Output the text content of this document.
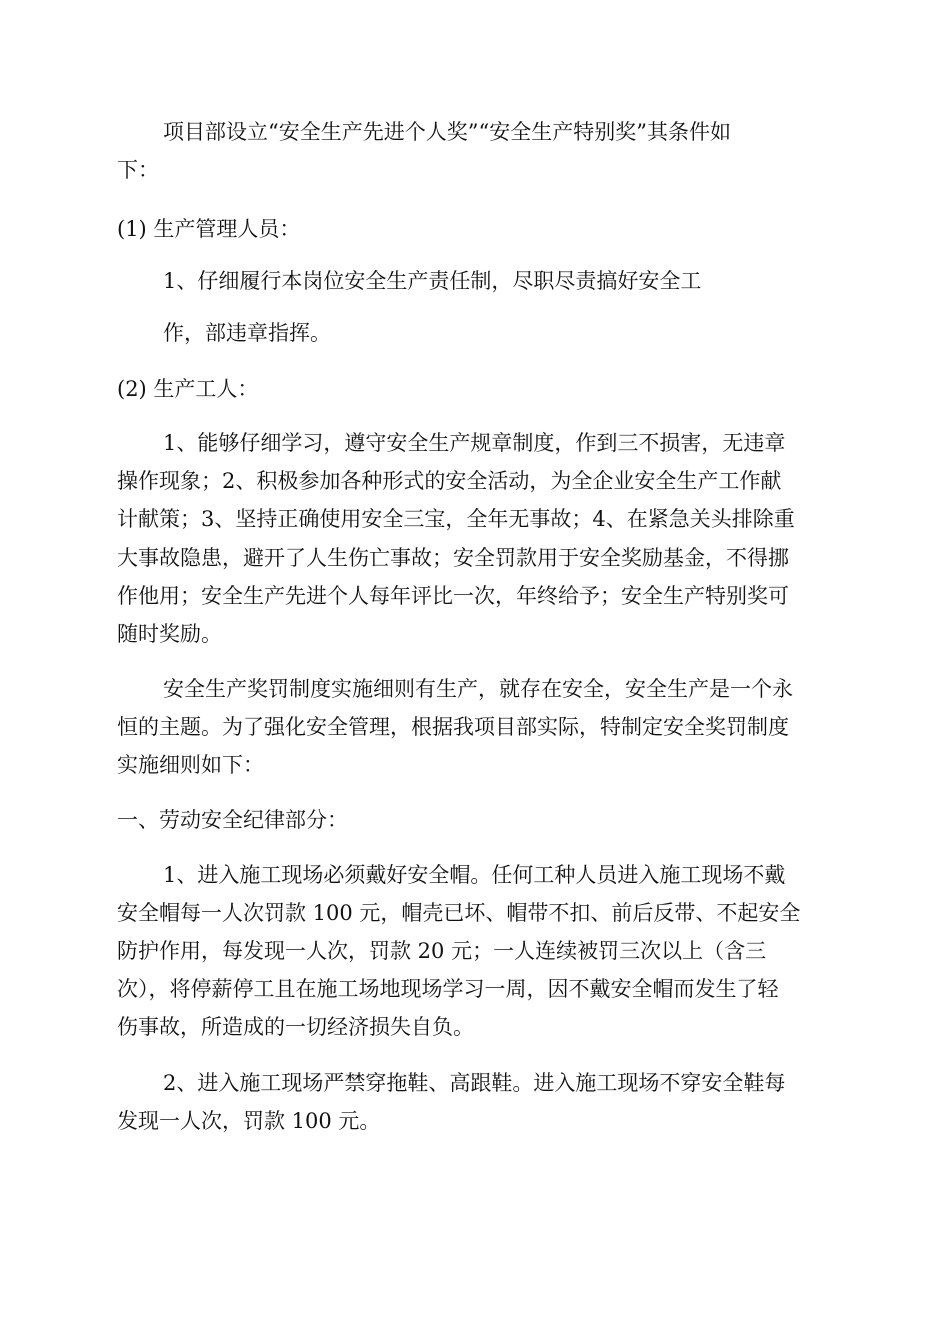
项目部设立“安全生产先进个人奖”“安全生产特别奖”其条件如
下：
(1) 生产管理人员：
1、仔细履行本岗位安全生产责任制，尽职尽责搞好安全工
作，部违章指挥。
(2) 生产工人：
1、能够仔细学习，遵守安全生产规章制度，作到三不损害，无违章
操作现象；2、积极参加各种形式的安全活动，为全企业安全生产工作献
计献策；3、坚持正确使用安全三宝，全年无事故；4、在紧急关头排除重
大事故隐患，避开了人生伤亡事故；安全罚款用于安全奖励基金，不得挪
作他用；安全生产先进个人每年评比一次，年终给予；安全生产特别奖可
随时奖励。
安全生产奖罚制度实施细则有生产，就存在安全，安全生产是一个永
恒的主题。为了强化安全管理，根据我项目部实际，特制定安全奖罚制度
实施细则如下：
一、劳动安全纪律部分：
1、进入施工现场必须戴好安全帽。任何工种人员进入施工现场不戴
安全帽每一人次罚款 100 元，帽壳已坏、帽带不扣、前后反带、不起安全
防护作用，每发现一人次，罚款 20 元；一人连续被罚三次以上（含三
次），将停薪停工且在施工场地现场学习一周，因不戴安全帽而发生了轻
伤事故，所造成的一切经济损失自负。
2、进入施工现场严禁穿拖鞋、高跟鞋。进入施工现场不穿安全鞋每
发现一人次，罚款 100 元。
